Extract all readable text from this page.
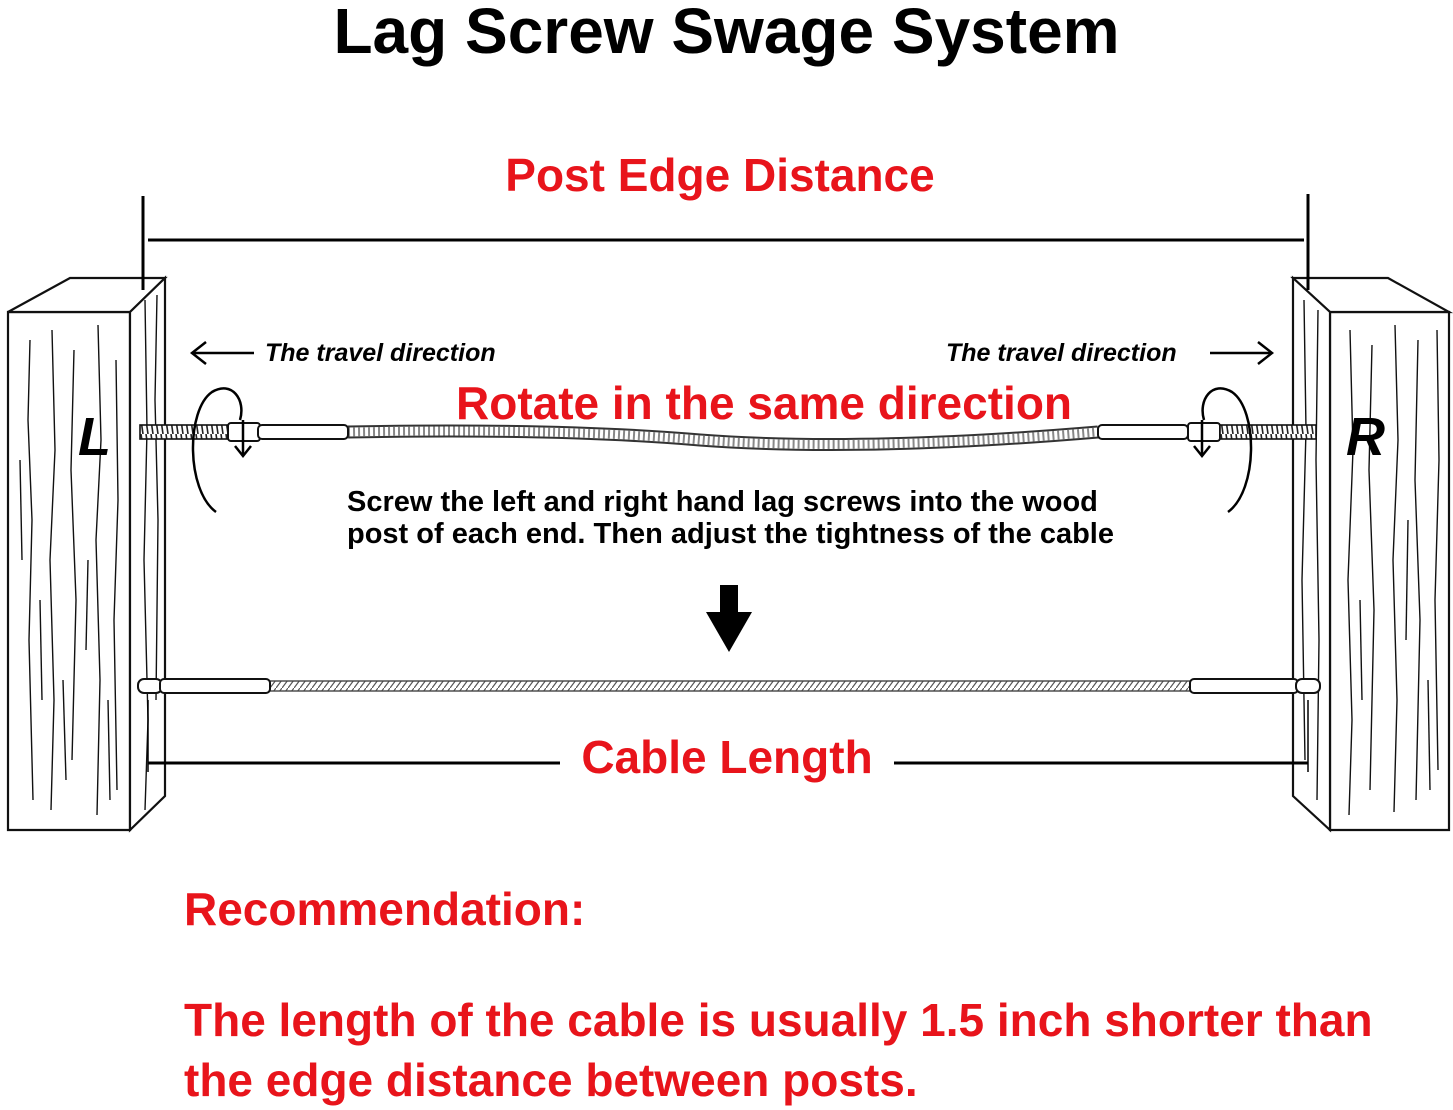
Lag Screw Swage System
Post Edge Distance
The travel direction	The travel direction
Rotate in the same direction
L	R
Screw the left and right hand lag screws into the wood post of each end. Then adjust the tightness of the cable
Cable Length
Recommendation:
The length of the cable is usually 1.5 inch shorter than the edge distance between posts.
